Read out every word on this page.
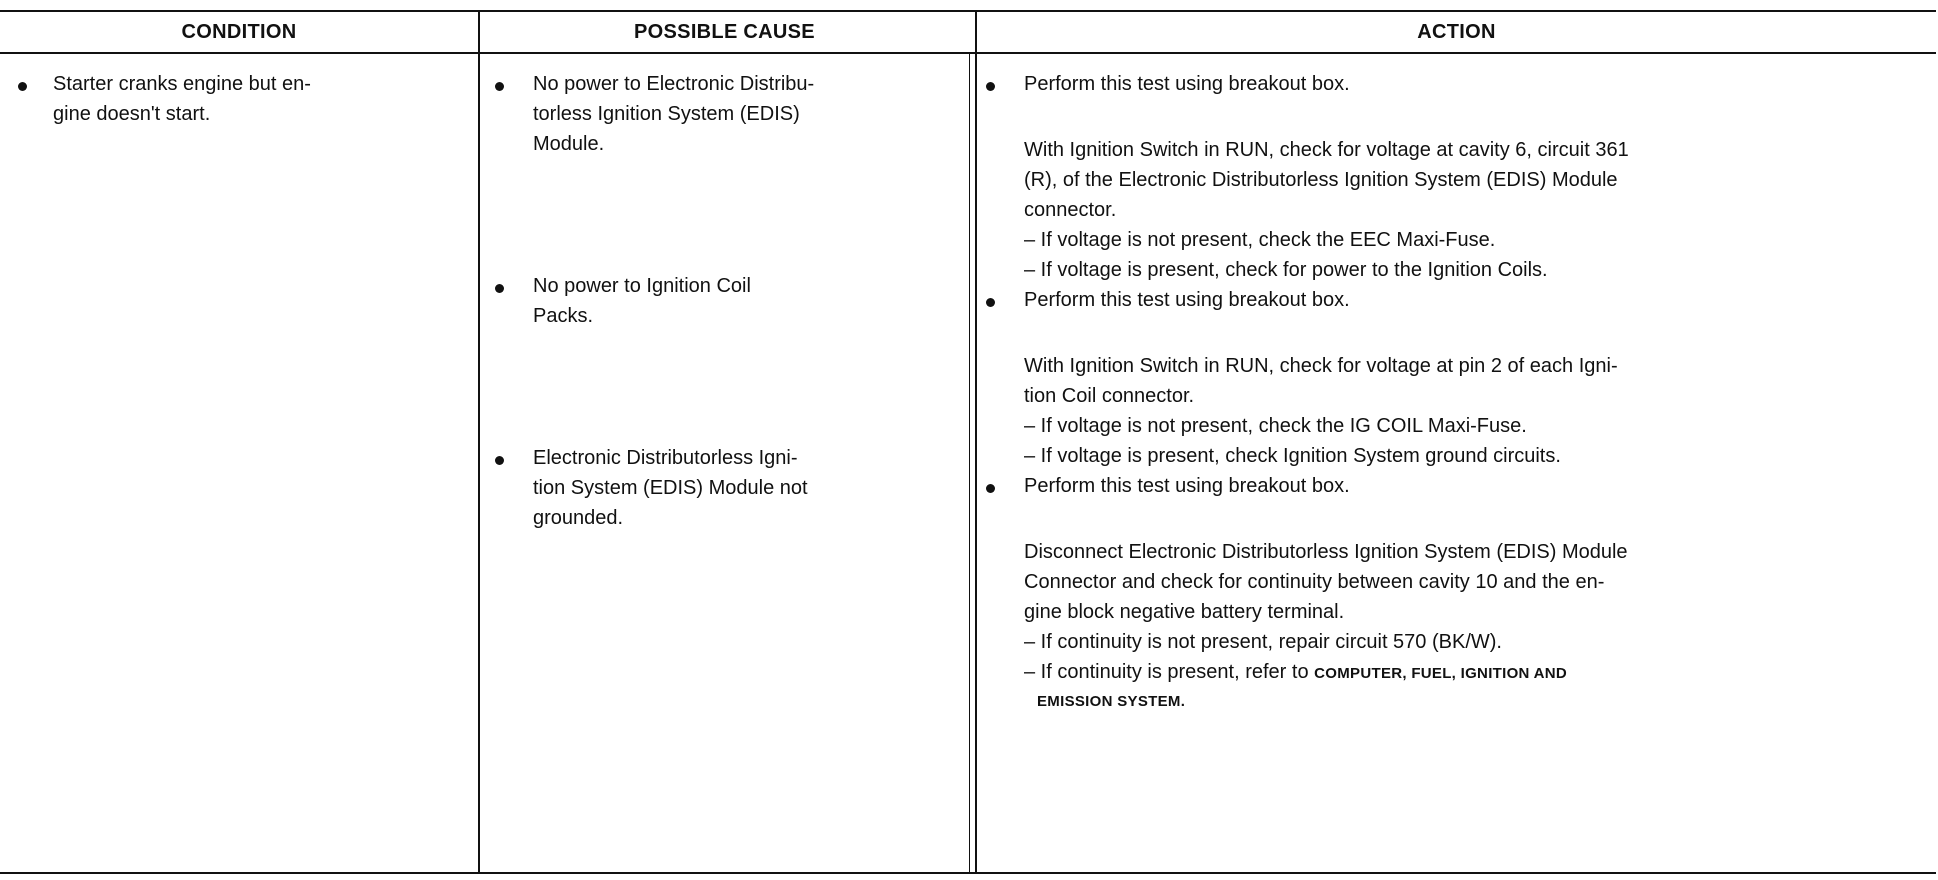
CONDITION	POSSIBLE CAUSE	ACTION
Starter cranks engine but en-
gine doesn't start.
No power to Electronic Distribu-
torless Ignition System (EDIS)
Module.
No power to Ignition Coil
Packs.
Electronic Distributorless Igni-
tion System (EDIS) Module not
grounded.
Perform this test using breakout box.
With Ignition Switch in RUN, check for voltage at cavity 6, circuit 361
(R), of the Electronic Distributorless Ignition System (EDIS) Module
connector.
– If voltage is not present, check the EEC Maxi-Fuse.
– If voltage is present, check for power to the Ignition Coils.
Perform this test using breakout box.
With Ignition Switch in RUN, check for voltage at pin 2 of each Igni-
tion Coil connector.
– If voltage is not present, check the IG COIL Maxi-Fuse.
– If voltage is present, check Ignition System ground circuits.
Perform this test using breakout box.
Disconnect Electronic Distributorless Ignition System (EDIS) Module
Connector and check for continuity between cavity 10 and the en-
gine block negative battery terminal.
– If continuity is not present, repair circuit 570 (BK/W).
– If continuity is present, refer to COMPUTER, FUEL, IGNITION AND
EMISSION SYSTEM.
